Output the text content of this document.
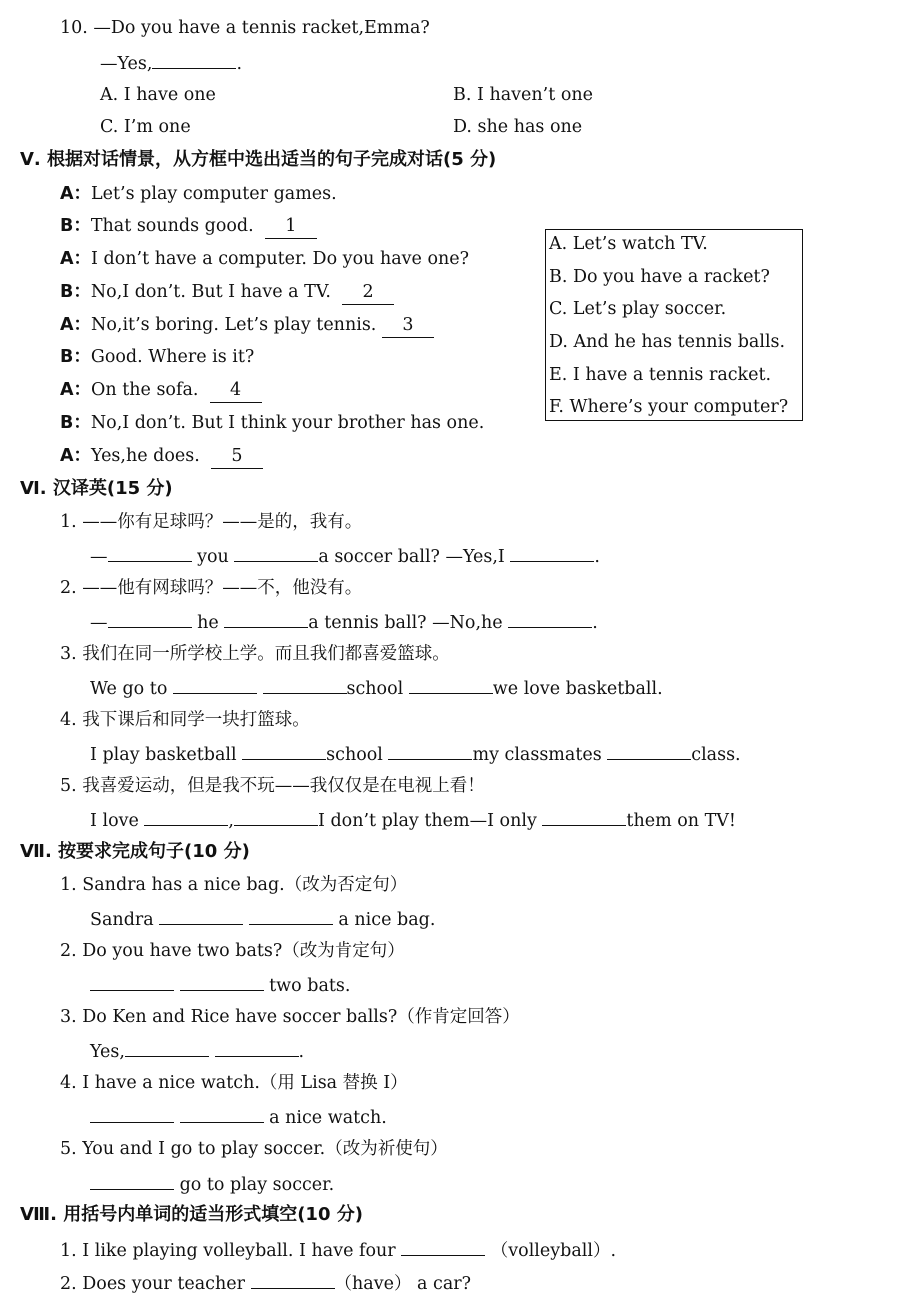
10. —Do you have a tennis racket,Emma?
—Yes,	.
A. I have one	B. I haven’t one
C. I’m one	D. she has one
Ⅴ. 根据对话情景，从方框中选出适当的句子完成对话(5 分)
A：Let’s play computer games.
B：That sounds good. 1
A：I don’t have a computer. Do you have one?
B：No,I don’t. But I have a TV. 2
A：No,it’s boring. Let’s play tennis. 3
B：Good. Where is it?
A：On the sofa. 4
B：No,I don’t. But I think your brother has one.
A：Yes,he does. 5
A. Let’s watch TV.
B. Do you have a racket?
C. Let’s play soccer.
D. And he has tennis balls.
E. I have a tennis racket.
F. Where’s your computer?
Ⅵ. 汉译英(15 分)
1. ——你有足球吗？——是的，我有。
—	you	a soccer ball? —Yes,I	.
2. ——他有网球吗？——不，他没有。
—	he	a tennis ball? —No,he	.
3. 我们在同一所学校上学。而且我们都喜爱篮球。
We go to	school	we love basketball.
4. 我下课后和同学一块打篮球。
I play basketball	school	my classmates	class.
5. 我喜爱运动，但是我不玩——我仅仅是在电视上看！
I love	,	I don’t play them—I only	them on TV!
Ⅶ. 按要求完成句子(10 分)
1. Sandra has a nice bag.（改为否定句）
Sandra	a nice bag.
2. Do you have two bats?（改为肯定句）
two bats.
3. Do Ken and Rice have soccer balls?（作肯定回答）
Yes,	.
4. I have a nice watch.（用 Lisa 替换 I）
a nice watch.
5. You and I go to play soccer.（改为祈使句）
go to play soccer.
Ⅷ. 用括号内单词的适当形式填空(10 分)
1. I like playing volleyball. I have four	（volleyball）.
2. Does your teacher	（have） a car?
